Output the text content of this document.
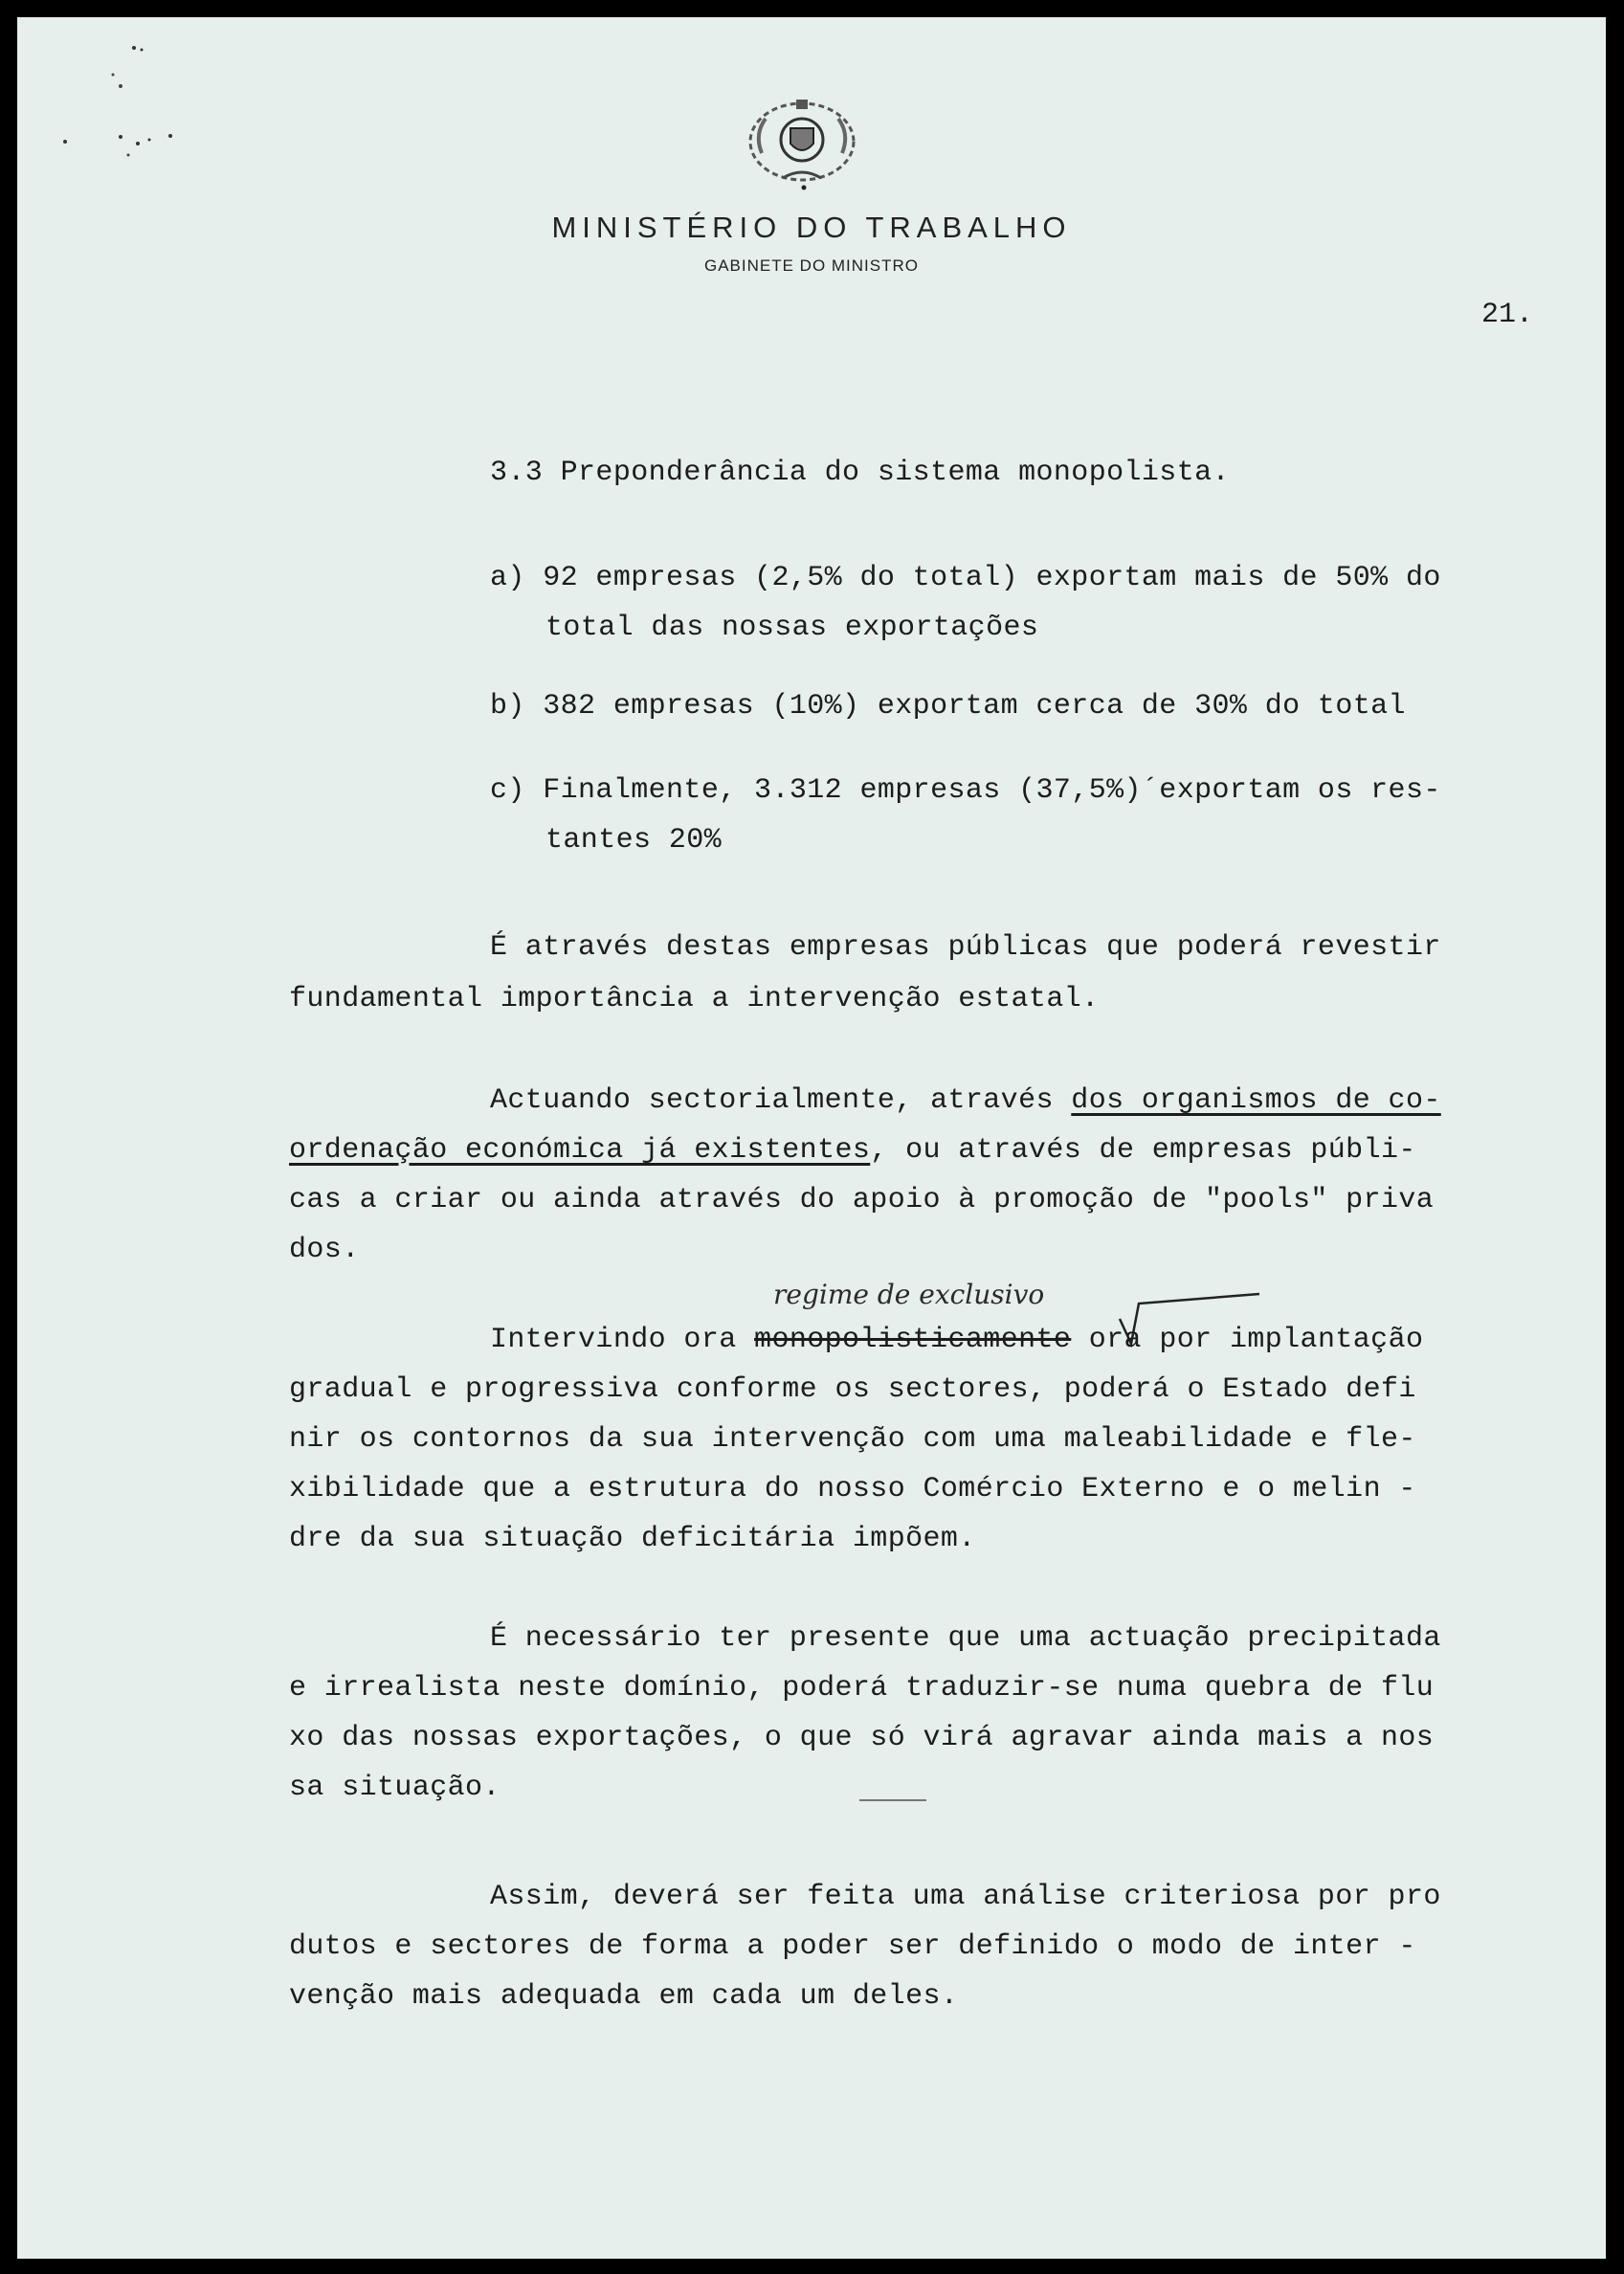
MINISTÉRIO DO TRABALHO
GABINETE DO MINISTRO
21.
3.3 Preponderância do sistema monopolista.
a) 92 empresas (2,5% do total) exportam mais de 50% do
total das nossas exportações
b) 382 empresas (10%) exportam cerca de 30% do total
c) Finalmente, 3.312 empresas (37,5%)´exportam os res-
tantes 20%
É através destas empresas públicas que poderá revestir
fundamental importância a intervenção estatal.
Actuando sectorialmente, através dos organismos de co-
ordenação económica já existentes, ou através de empresas públi-
cas a criar ou ainda através do apoio à promoção de "pools" priva
dos.
regime de exclusivo
Intervindo ora monopolisticamente ora por implantação
gradual e progressiva conforme os sectores, poderá o Estado defi
nir os contornos da sua intervenção com uma maleabilidade e fle-
xibilidade que a estrutura do nosso Comércio Externo e o melin -
dre da sua situação deficitária impõem.
É necessário ter presente que uma actuação precipitada
e irrealista neste domínio, poderá traduzir-se numa quebra de flu
xo das nossas exportações, o que só virá agravar ainda mais a nos
sa situação.
Assim, deverá ser feita uma análise criteriosa por pro
dutos e sectores de forma a poder ser definido o modo de inter -
venção mais adequada em cada um deles.
